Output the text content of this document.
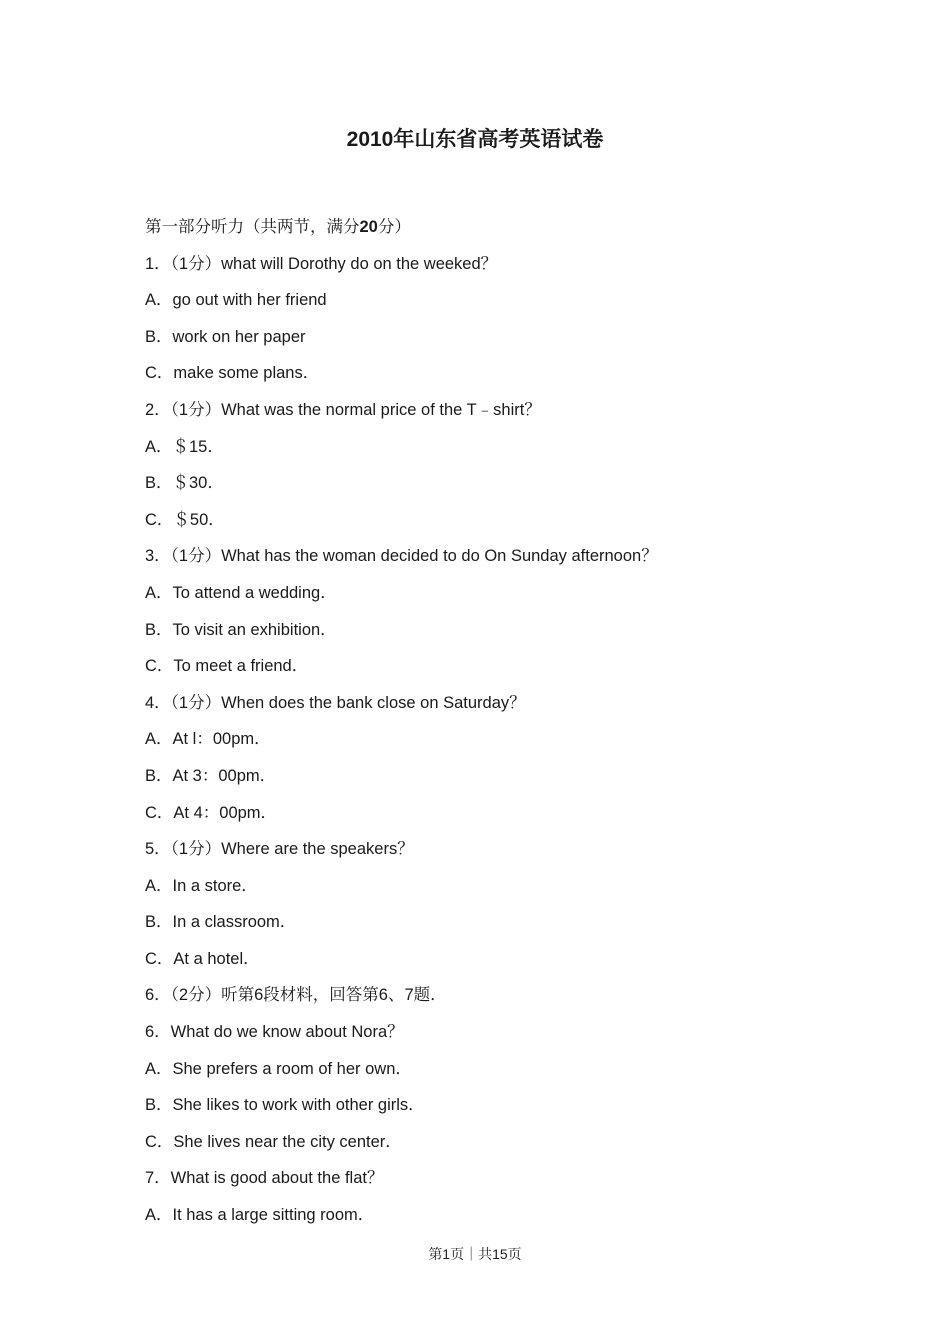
2010年山东省高考英语试卷
第一部分听力（共两节，满分20分）
1．（1分）what will Dorothy do on the weeked？
A．go out with her friend
B．work on her paper
C．make some plans．
2．（1分）What was the normal price of the T﹣shirt？
A．＄15．
B．＄30．
C．＄50．
3．（1分）What has the woman decided to do On Sunday afternoon？
A．To attend a wedding．
B．To visit an exhibition．
C．To meet a friend．
4．（1分）When does the bank close on Saturday？
A．At l：00pm．
B．At 3：00pm．
C．At 4：00pm．
5．（1分）Where are the speakers？
A．In a store．
B．In a classroom．
C．At a hotel．
6．（2分）听第6段材料，回答第6、7题．
6．What do we know about Nora？
A．She prefers a room of her own．
B．She likes to work with other girls．
C．She lives near the city center．
7．What is good about the flat？
A．It has a large sitting room．
第1页｜共15页
